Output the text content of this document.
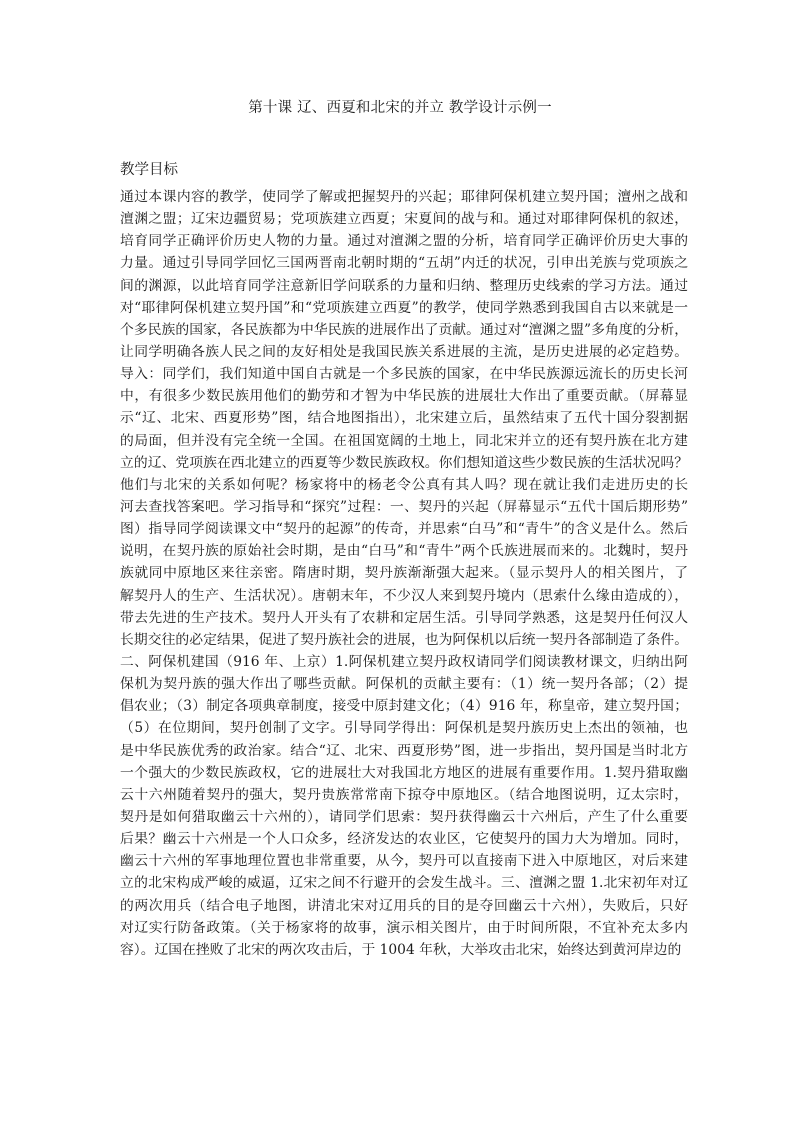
第十课 辽、西夏和北宋的并立 教学设计示例一
教学目标
通过本课内容的教学，使同学了解或把握契丹的兴起；耶律阿保机建立契丹国；澶州之战和
澶渊之盟；辽宋边疆贸易；党项族建立西夏；宋夏间的战与和。通过对耶律阿保机的叙述，
培育同学正确评价历史人物的力量。通过对澶渊之盟的分析，培育同学正确评价历史大事的
力量。通过引导同学回忆三国两晋南北朝时期的“五胡”内迁的状况，引申出羌族与党项族之
间的渊源，以此培育同学注意新旧学问联系的力量和归纳、整理历史线索的学习方法。通过
对“耶律阿保机建立契丹国”和“党项族建立西夏”的教学，使同学熟悉到我国自古以来就是一
个多民族的国家，各民族都为中华民族的进展作出了贡献。通过对“澶渊之盟”多角度的分析，
让同学明确各族人民之间的友好相处是我国民族关系进展的主流，是历史进展的必定趋势。
导入：同学们，我们知道中国自古就是一个多民族的国家，在中华民族源远流长的历史长河
中，有很多少数民族用他们的勤劳和才智为中华民族的进展壮大作出了重要贡献。（屏幕显
示“辽、北宋、西夏形势”图，结合地图指出），北宋建立后，虽然结束了五代十国分裂割据
的局面，但并没有完全统一全国。在祖国宽阔的土地上，同北宋并立的还有契丹族在北方建
立的辽、党项族在西北建立的西夏等少数民族政权。你们想知道这些少数民族的生活状况吗？
他们与北宋的关系如何呢？杨家将中的杨老令公真有其人吗？现在就让我们走进历史的长
河去查找答案吧。学习指导和“探究”过程：一、契丹的兴起（屏幕显示“五代十国后期形势”
图）指导同学阅读课文中“契丹的起源”的传奇，并思索“白马”和“青牛”的含义是什么。然后
说明，在契丹族的原始社会时期，是由“白马”和“青牛”两个氏族进展而来的。北魏时，契丹
族就同中原地区来往亲密。隋唐时期，契丹族渐渐强大起来。（显示契丹人的相关图片，了
解契丹人的生产、生活状况）。唐朝末年，不少汉人来到契丹境内（思索什么缘由造成的），
带去先进的生产技术。契丹人开头有了农耕和定居生活。引导同学熟悉，这是契丹任何汉人
长期交往的必定结果，促进了契丹族社会的进展，也为阿保机以后统一契丹各部制造了条件。
二、阿保机建国（916 年、上京）1.阿保机建立契丹政权请同学们阅读教材课文，归纳出阿
保机为契丹族的强大作出了哪些贡献。阿保机的贡献主要有：（1）统一契丹各部；（2）提
倡农业；（3）制定各项典章制度，接受中原封建文化；（4）916 年，称皇帝，建立契丹国；
（5）在位期间，契丹创制了文字。引导同学得出：阿保机是契丹族历史上杰出的领袖，也
是中华民族优秀的政治家。结合“辽、北宋、西夏形势”图，进一步指出，契丹国是当时北方
一个强大的少数民族政权，它的进展壮大对我国北方地区的进展有重要作用。1.契丹猎取幽
云十六州随着契丹的强大，契丹贵族常常南下掠夺中原地区。（结合地图说明，辽太宗时，
契丹是如何猎取幽云十六州的），请同学们思索：契丹获得幽云十六州后，产生了什么重要
后果？幽云十六州是一个人口众多，经济发达的农业区，它使契丹的国力大为增加。同时，
幽云十六州的军事地理位置也非常重要，从今，契丹可以直接南下进入中原地区，对后来建
立的北宋构成严峻的威逼，辽宋之间不行避开的会发生战斗。三、澶渊之盟 1.北宋初年对辽
的两次用兵（结合电子地图，讲清北宋对辽用兵的目的是夺回幽云十六州），失败后，只好
对辽实行防备政策。（关于杨家将的故事，演示相关图片，由于时间所限，不宜补充太多内
容）。辽国在挫败了北宋的两次攻击后，于 1004 年秋，大举攻击北宋，始终达到黄河岸边的
